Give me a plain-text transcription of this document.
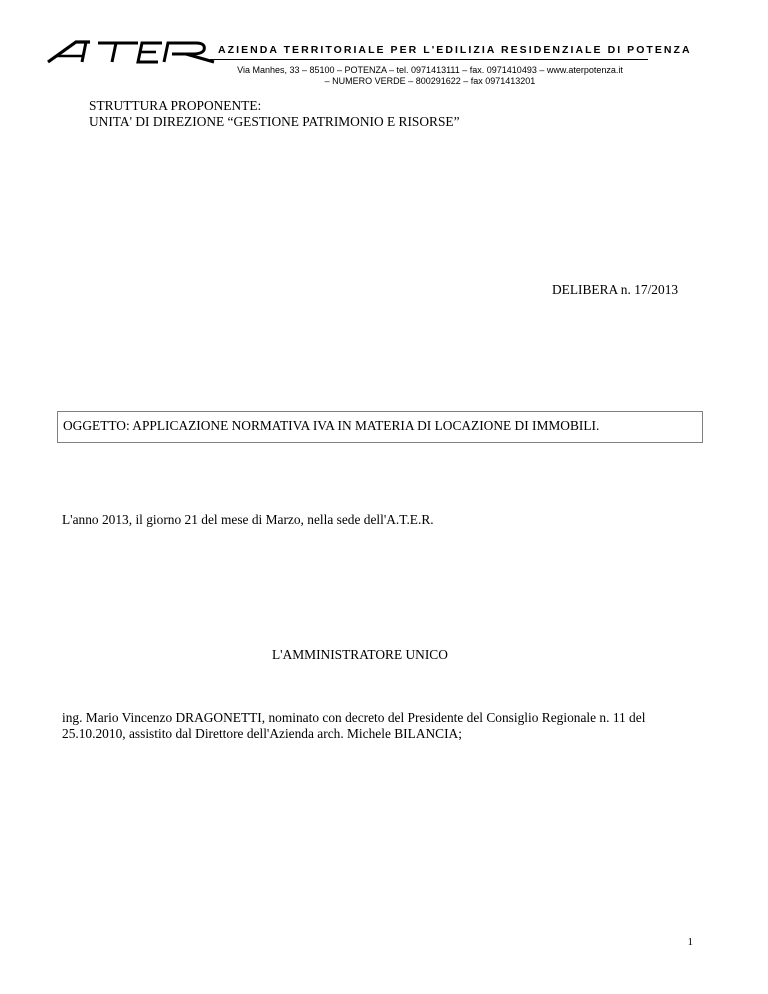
AZIENDA TERRITORIALE PER L'EDILIZIA RESIDENZIALE DI POTENZA
Via Manhes, 33 – 85100 – POTENZA – tel. 0971413111 – fax. 0971410493 – www.aterpotenza.it
– NUMERO VERDE – 800291622 – fax 0971413201
STRUTTURA PROPONENTE:
UNITA' DI DIREZIONE “GESTIONE PATRIMONIO E RISORSE”
DELIBERA n. 17/2013
OGGETTO: APPLICAZIONE NORMATIVA IVA IN MATERIA DI LOCAZIONE DI IMMOBILI.
L'anno 2013, il giorno 21 del mese di Marzo, nella sede dell'A.T.E.R.
L'AMMINISTRATORE UNICO
ing. Mario Vincenzo DRAGONETTI, nominato con decreto del Presidente del Consiglio Regionale n. 11 del
25.10.2010, assistito dal Direttore dell'Azienda arch. Michele BILANCIA;
1
